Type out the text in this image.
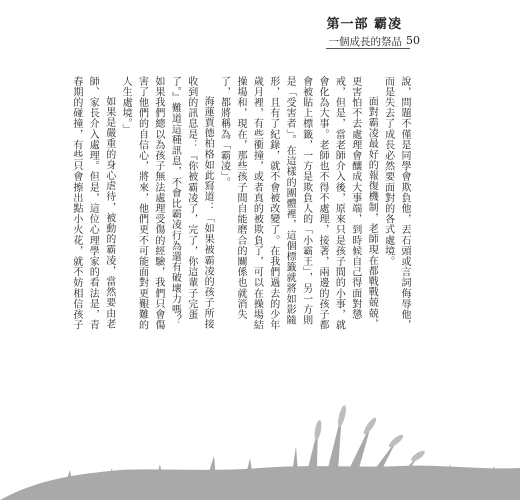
第一部 霸凌
一個成長的祭品 50

說，問題不僅是同學會欺負他，丟石頭或言詞侮辱他，而是失去了成長必然要面對的各式處境。

面對霸凌最好的報復機制，老師現在都戰戰兢兢，更害怕不去處理會釀成大事端，到時候自己得面對懲戒，但是，當老師介入後，原來只是孩子間的小事，就會化為大事。老師也不得不處理，接著，兩邊的孩子都會被貼上標籤，一方是欺負人的「小霸王」，另一方則是「受害者」。在這樣的團體裡，這個標籤就將如影隨形，且有了紀錄，就不會被改變了。在我們過去的少年歲月裡，有些衝撞，或者真的被欺負了，可以在操場結操場和，現在，那些孩子間自能磨合的關係也就消失了，都將稱為「霸凌」。

海蓮賈德柏格如此寫道：「如果被霸凌的孩子所接收到的訊息是：『你被霸凌了，完了，你這輩子完蛋了。』難道這種訊息，不會比霸凌行為還有破壞力嗎？如果我們總以為孩子無法處理受傷的經驗，我們只會傷害了他們的自信心，將來，他們更不可能面對更艱難的人生處境。」

如果是嚴重的身心虐待，被動的霸凌，當然要由老師、家長介入處理。但是，這位心理學家的看法是，青春期的碰撞，有些只會擦出點小火花，就不妨相信孩子
